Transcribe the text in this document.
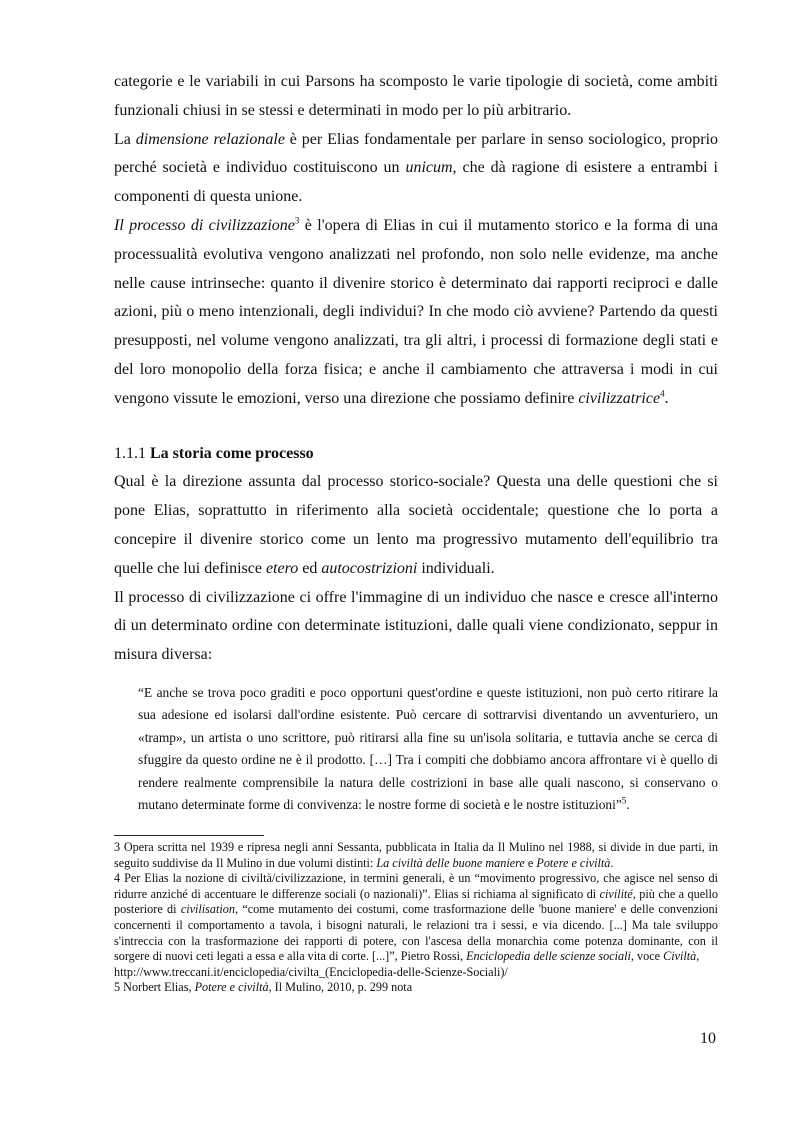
categorie e le variabili in cui Parsons ha scomposto le varie tipologie di società, come ambiti funzionali chiusi in se stessi e determinati in modo per lo più arbitrario.

La dimensione relazionale è per Elias fondamentale per parlare in senso sociologico, proprio perché società e individuo costituiscono un unicum, che dà ragione di esistere a entrambi i componenti di questa unione.

Il processo di civilizzazione$^3$ è l'opera di Elias in cui il mutamento storico e la forma di una processualità evolutiva vengono analizzati nel profondo, non solo nelle evidenze, ma anche nelle cause intrinseche: quanto il divenire storico è determinato dai rapporti reciproci e dalle azioni, più o meno intenzionali, degli individui? In che modo ciò avviene? Partendo da questi presupposti, nel volume vengono analizzati, tra gli altri, i processi di formazione degli stati e del loro monopolio della forza fisica; e anche il cambiamento che attraversa i modi in cui vengono vissute le emozioni, verso una direzione che possiamo definire civilizzatrice$^4$.

1.1.1 La storia come processo

Qual è la direzione assunta dal processo storico-sociale? Questa una delle questioni che si pone Elias, soprattutto in riferimento alla società occidentale; questione che lo porta a concepire il divenire storico come un lento ma progressivo mutamento dell'equilibrio tra quelle che lui definisce etero ed autocostrizioni individuali.

Il processo di civilizzazione ci offre l'immagine di un individuo che nasce e cresce all'interno di un determinato ordine con determinate istituzioni, dalle quali viene condizionato, seppur in misura diversa:

“E anche se trova poco graditi e poco opportuni quest'ordine e queste istituzioni, non può certo ritirare la sua adesione ed isolarsi dall'ordine esistente. Può cercare di sottrarvisi diventando un avventuriero, un «tramp», un artista o uno scrittore, può ritirarsi alla fine su un'isola solitaria, e tuttavia anche se cerca di sfuggire da questo ordine ne è il prodotto. […] Tra i compiti che dobbiamo ancora affrontare vi è quello di rendere realmente comprensibile la natura delle costrizioni in base alle quali nascono, si conservano o mutano determinate forme di convivenza: le nostre forme di società e le nostre istituzioni”$^5$.

3 Opera scritta nel 1939 e ripresa negli anni Sessanta, pubblicata in Italia da Il Mulino nel 1988, si divide in due parti, in seguito suddivise da Il Mulino in due volumi distinti: La civiltà delle buone maniere e Potere e civiltà.

4 Per Elias la nozione di civiltà/civilizzazione, in termini generali, è un “movimento progressivo, che agisce nel senso di ridurre anziché di accentuare le differenze sociali (o nazionali)”. Elias si richiama al significato di civilité, più che a quello posteriore di civilisation, “come mutamento dei costumi, come trasformazione delle 'buone maniere' e delle convenzioni concernenti il comportamento a tavola, i bisogni naturali, le relazioni tra i sessi, e via dicendo. [...] Ma tale sviluppo s'intreccia con la trasformazione dei rapporti di potere, con l'ascesa della monarchia come potenza dominante, con il sorgere di nuovi ceti legati a essa e alla vita di corte. [...]”, Pietro Rossi, Enciclopedia delle scienze sociali, voce Civiltà,

http://www.treccani.it/enciclopedia/civilta_(Enciclopedia-delle-Scienze-Sociali)/

5 Norbert Elias, Potere e civiltà, Il Mulino, 2010, p. 299 nota

10
